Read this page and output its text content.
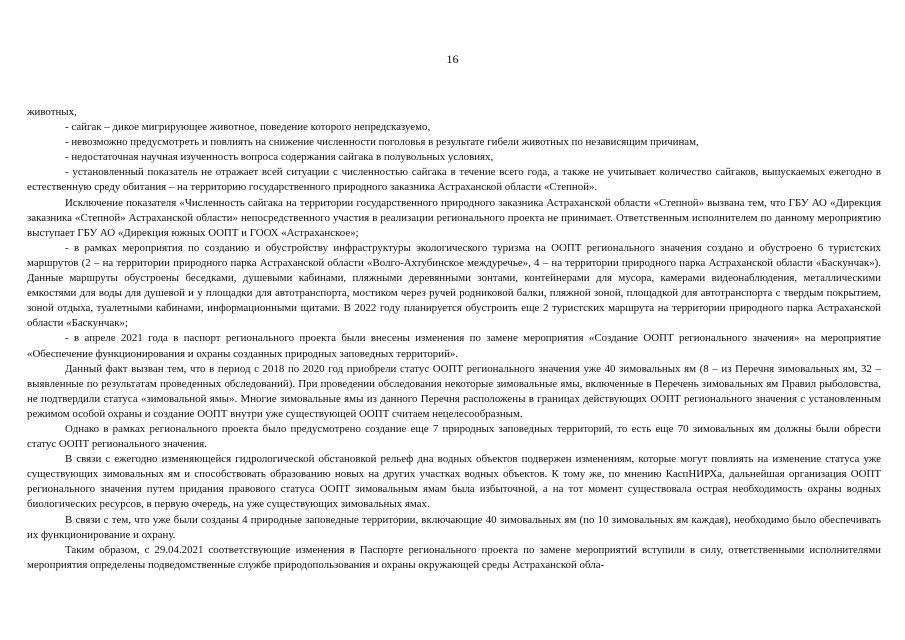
16

животных,

- сайгак – дикое мигрирующее животное, поведение которого непредсказуемо,

- невозможно предусмотреть и повлиять на снижение численности поголовья в результате гибели животных по независящим причинам,

- недостаточная научная изученность вопроса содержания сайгака в полувольных условиях,

- установленный показатель не отражает всей ситуации с численностью сайгака в течение всего года, а также не учитывает количество сайгаков, выпускаемых ежегодно в естественную среду обитания – на территорию государственного природного заказника Астраханской области «Степной».

Исключение показателя «Численность сайгака на территории государственного природного заказника Астраханской области «Степной» вызвана тем, что ГБУ АО «Дирекция заказника «Степной» Астраханской области» непосредственного участия в реализации регионального проекта не принимает. Ответственным исполнителем по данному мероприятию выступает ГБУ АО «Дирекция южных ООПТ и ГООХ «Астраханское»;

- в рамках мероприятия по созданию и обустройству инфраструктуры экологического туризма на ООПТ регионального значения создано и обустроено 6 туристских маршрутов (2 – на территории природного парка Астраханской области «Волго-Ахтубинское междуречье», 4 – на территории природного парка Астраханской области «Баскунчак»). Данные маршруты обустроены беседками, душевыми кабинами, пляжными деревянными зонтами, контейнерами для мусора, камерами видеонаблюдения, металлическими емкостями для воды для душевой и у площадки для автотранспорта, мостиком через ручей родниковой балки, пляжной зоной, площадкой для автотранспорта с твердым покрытием, зоной отдыха, туалетными кабинами, информационными щитами. В 2022 году планируется обустроить еще 2 туристских маршрута на территории природного парка Астраханской области «Баскунчак»;

- в апреле 2021 года в паспорт регионального проекта были внесены изменения по замене мероприятия «Создание ООПТ регионального значения» на мероприятие «Обеспечение функционирования и охраны созданных природных заповедных территорий».

Данный факт вызван тем, что в период с 2018 по 2020 год приобрели статус ООПТ регионального значения уже 40 зимовальных ям (8 – из Перечня зимовальных ям, 32 – выявленные по результатам проведенных обследований). При проведении обследования некоторые зимовальные ямы, включенные в Перечень зимовальных ям Правил рыболовства, не подтвердили статуса «зимовальной ямы». Многие зимовальные ямы из данного Перечня расположены в границах действующих ООПТ регионального значения с установленным режимом особой охраны и создание ООПТ внутри уже существующей ООПТ считаем нецелесообразным.

Однако в рамках регионального проекта было предусмотрено создание еще 7 природных заповедных территорий, то есть еще 70 зимовальных ям должны были обрести статус ООПТ регионального значения.

В связи с ежегодно изменяющейся гидрологической обстановкой рельеф дна водных объектов подвержен изменениям, которые могут повлиять на изменение статуса уже существующих зимовальных ям и способствовать образованию новых на других участках водных объектов. К тому же, по мнению КаспНИРХа, дальнейшая организация ООПТ регионального значения путем придания правового статуса ООПТ зимовальным ямам была избыточной, а на тот момент существовала острая необходимость охраны водных биологических ресурсов, в первую очередь, на уже существующих зимовальных ямах.

В связи с тем, что уже были созданы 4 природные заповедные территории, включающие 40 зимовальных ям (по 10 зимовальных ям каждая), необходимо было обеспечивать их функционирование и охрану.

Таким образом, с 29.04.2021 соответствующие изменения в Паспорте регионального проекта по замене мероприятий вступили в силу, ответственными исполнителями мероприятия определены подведомственные службе природопользования и охраны окружающей среды Астраханской обла-
